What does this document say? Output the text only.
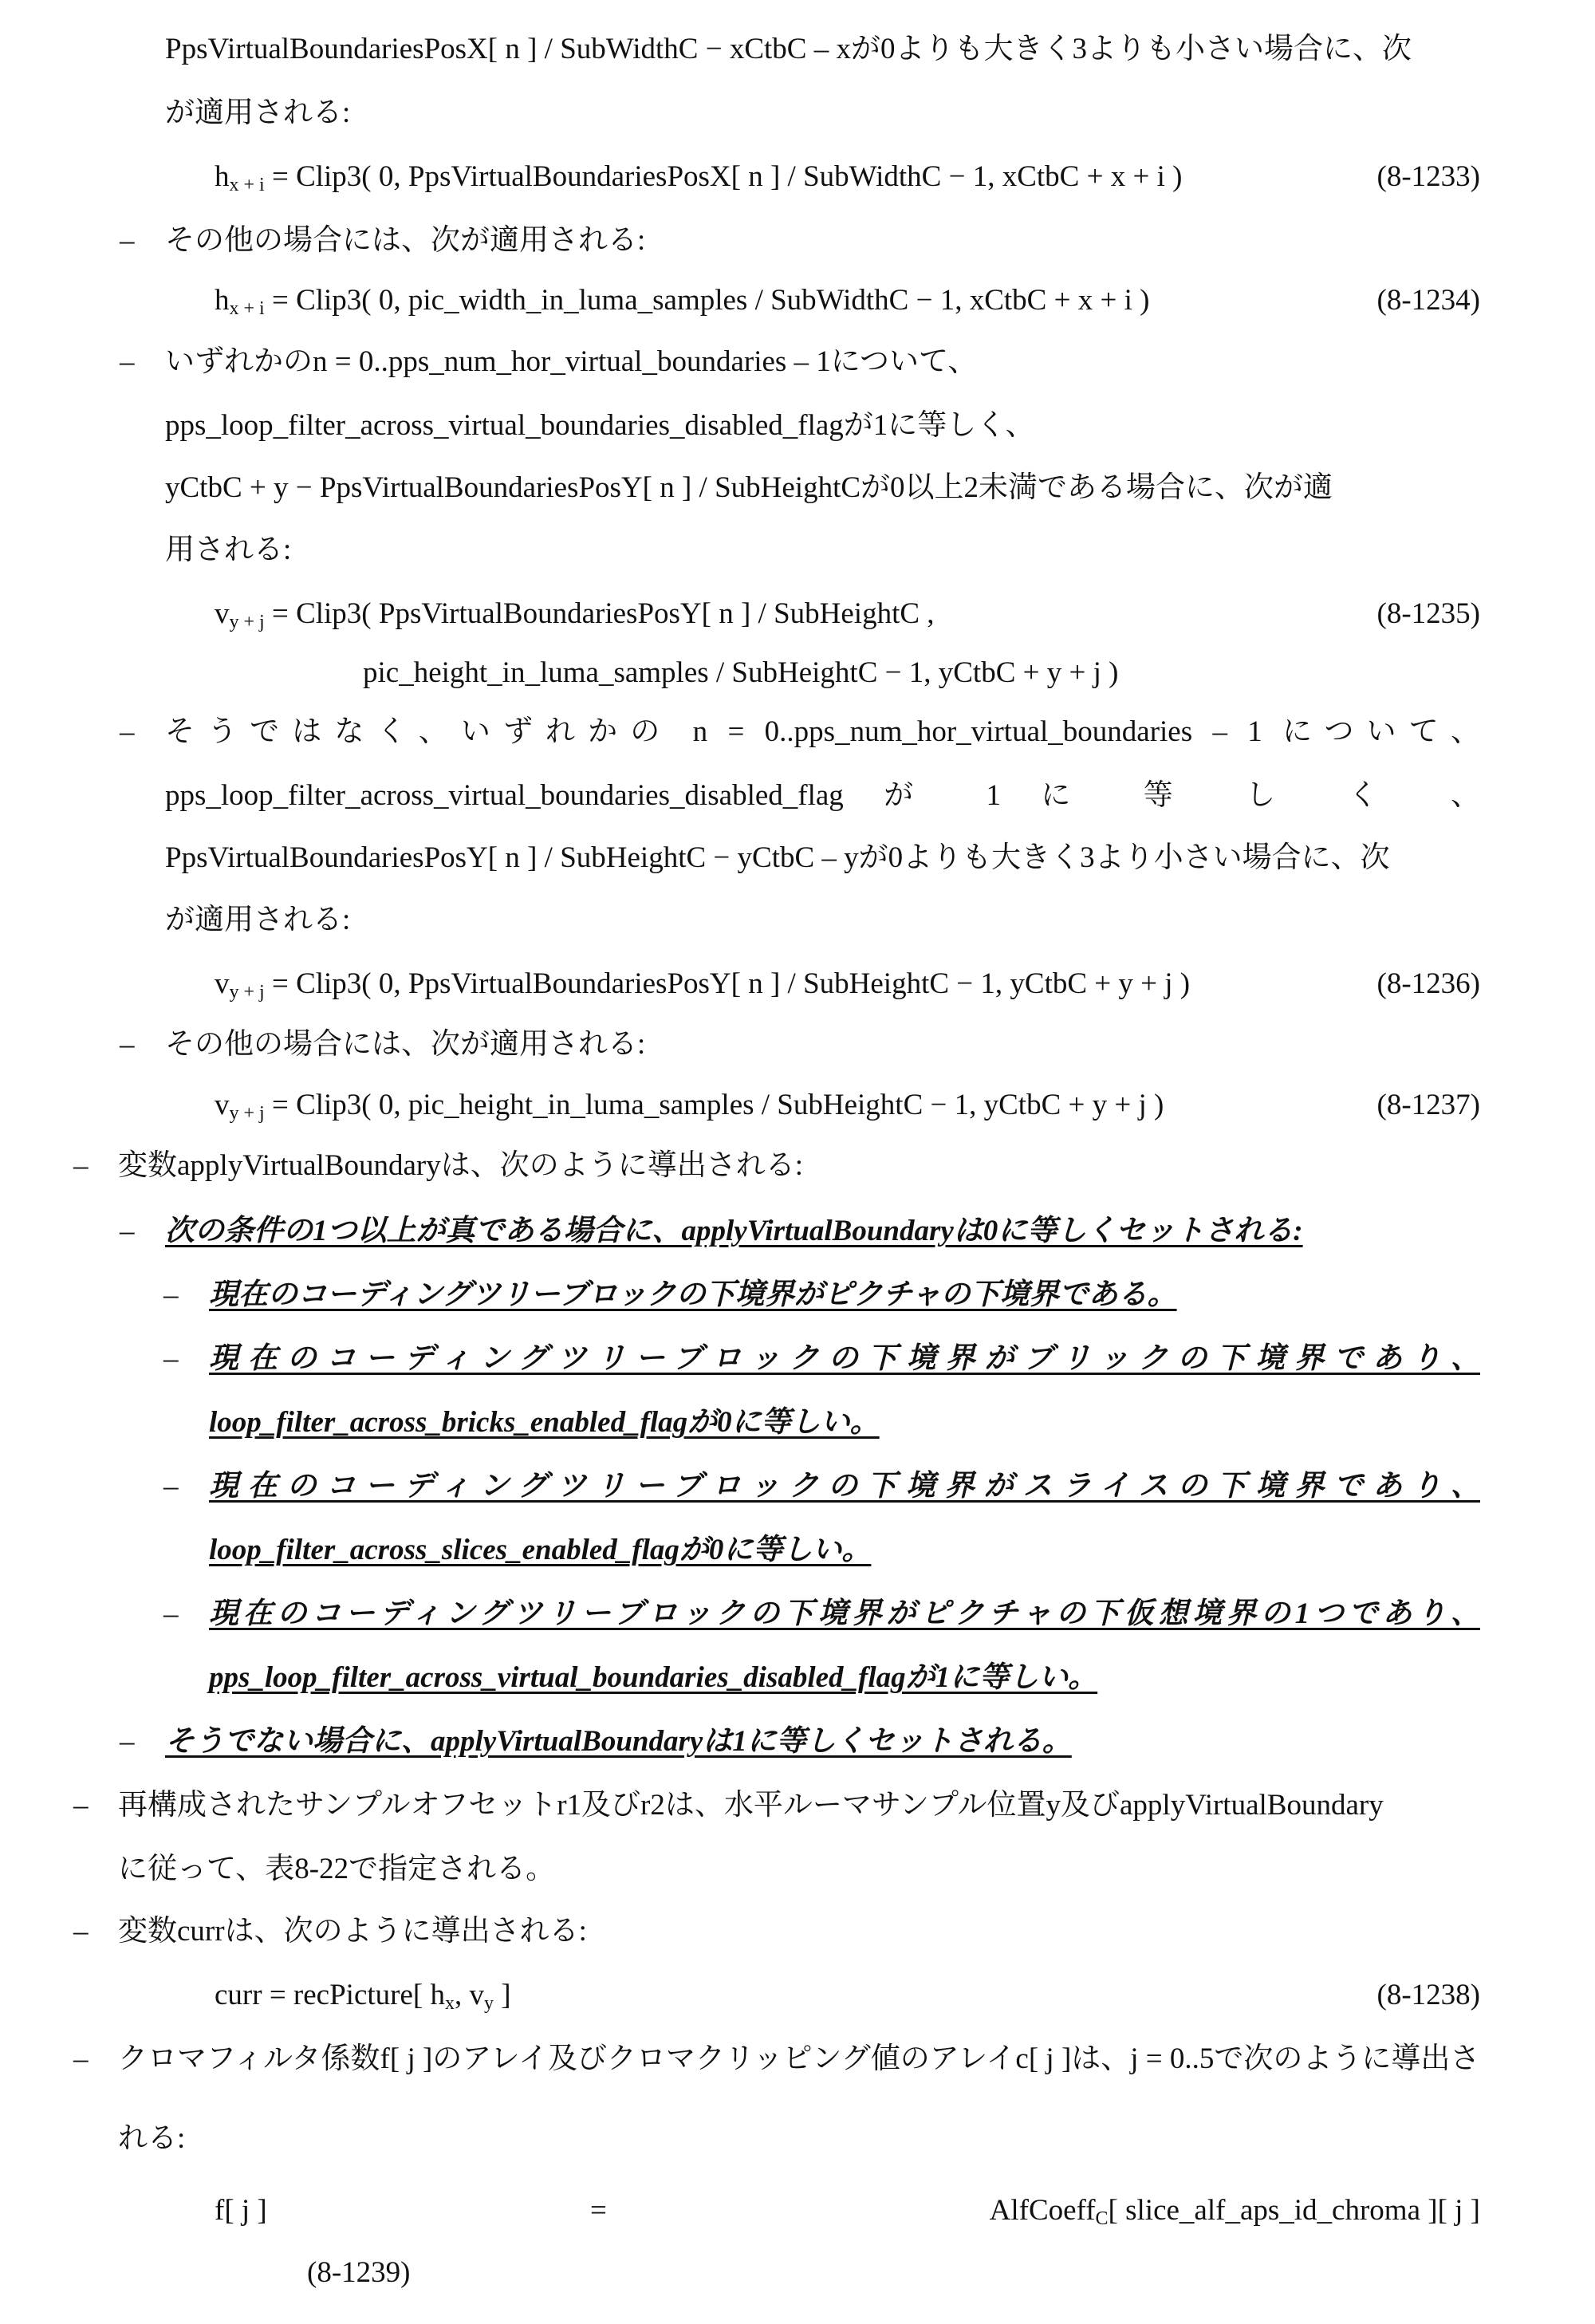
PpsVirtualBoundariesPosX[ n ] / SubWidthC − xCtbC – xが0よりも大きく3よりも小さい場合に、次
が適用される:
$h_{x + i}$ = Clip3( 0, PpsVirtualBoundariesPosX[ n ] / SubWidthC − 1, xCtbC + x + i )	(8-1233)
– その他の場合には、次が適用される:
$h_{x + i}$ = Clip3( 0, pic_width_in_luma_samples / SubWidthC − 1, xCtbC + x + i )	(8-1234)
– いずれかのn = 0..pps_num_hor_virtual_boundaries – 1について、
pps_loop_filter_across_virtual_boundaries_disabled_flagが1に等しく、
yCtbC + y − PpsVirtualBoundariesPosY[ n ] / SubHeightCが0以上2未満である場合に、次が適
用される:
$v_{y + j}$ = Clip3( PpsVirtualBoundariesPosY[ n ] / SubHeightC ,	(8-1235)
pic_height_in_luma_samples / SubHeightC − 1, yCtbC + y + j )
– そうではなく、いずれかの n = 0..pps_num_hor_virtual_boundaries – 1 について、
pps_loop_filter_across_virtual_boundaries_disabled_flag が 1 に 等 し く 、
PpsVirtualBoundariesPosY[ n ] / SubHeightC − yCtbC – yが0よりも大きく3より小さい場合に、次
が適用される:
$v_{y + j}$ = Clip3( 0, PpsVirtualBoundariesPosY[ n ] / SubHeightC − 1, yCtbC + y + j )	(8-1236)
– その他の場合には、次が適用される:
$v_{y + j}$ = Clip3( 0, pic_height_in_luma_samples / SubHeightC − 1, yCtbC + y + j )	(8-1237)
– 変数applyVirtualBoundaryは、次のように導出される:
– 次の条件の1つ以上が真である場合に、applyVirtualBoundaryは0に等しくセットされる:
– 現在のコーディングツリーブロックの下境界がピクチャの下境界である。
– 現在のコーディングツリーブロックの下境界がブリックの下境界であり、
loop_filter_across_bricks_enabled_flagが0に等しい。
– 現在のコーディングツリーブロックの下境界がスライスの下境界であり、
loop_filter_across_slices_enabled_flagが0に等しい。
– 現在のコーディングツリーブロックの下境界がピクチャの下仮想境界の1つであり、
pps_loop_filter_across_virtual_boundaries_disabled_flagが1に等しい。
– そうでない場合に、applyVirtualBoundaryは1に等しくセットされる。
– 再構成されたサンプルオフセットr1及びr2は、水平ルーマサンプル位置y及びapplyVirtualBoundary
に従って、表8-22で指定される。
– 変数currは、次のように導出される:
curr = recPicture[ $h_x$, $v_y$ ]	(8-1238)
– クロマフィルタ係数f[ j ]のアレイ及びクロマクリッピング値のアレイc[ j ]は、j = 0..5で次のように導出さ
れる:
f[ j ]	=	AlfCoeff$_C$[ slice_alf_aps_id_chroma ][ j ]
(8-1239)
